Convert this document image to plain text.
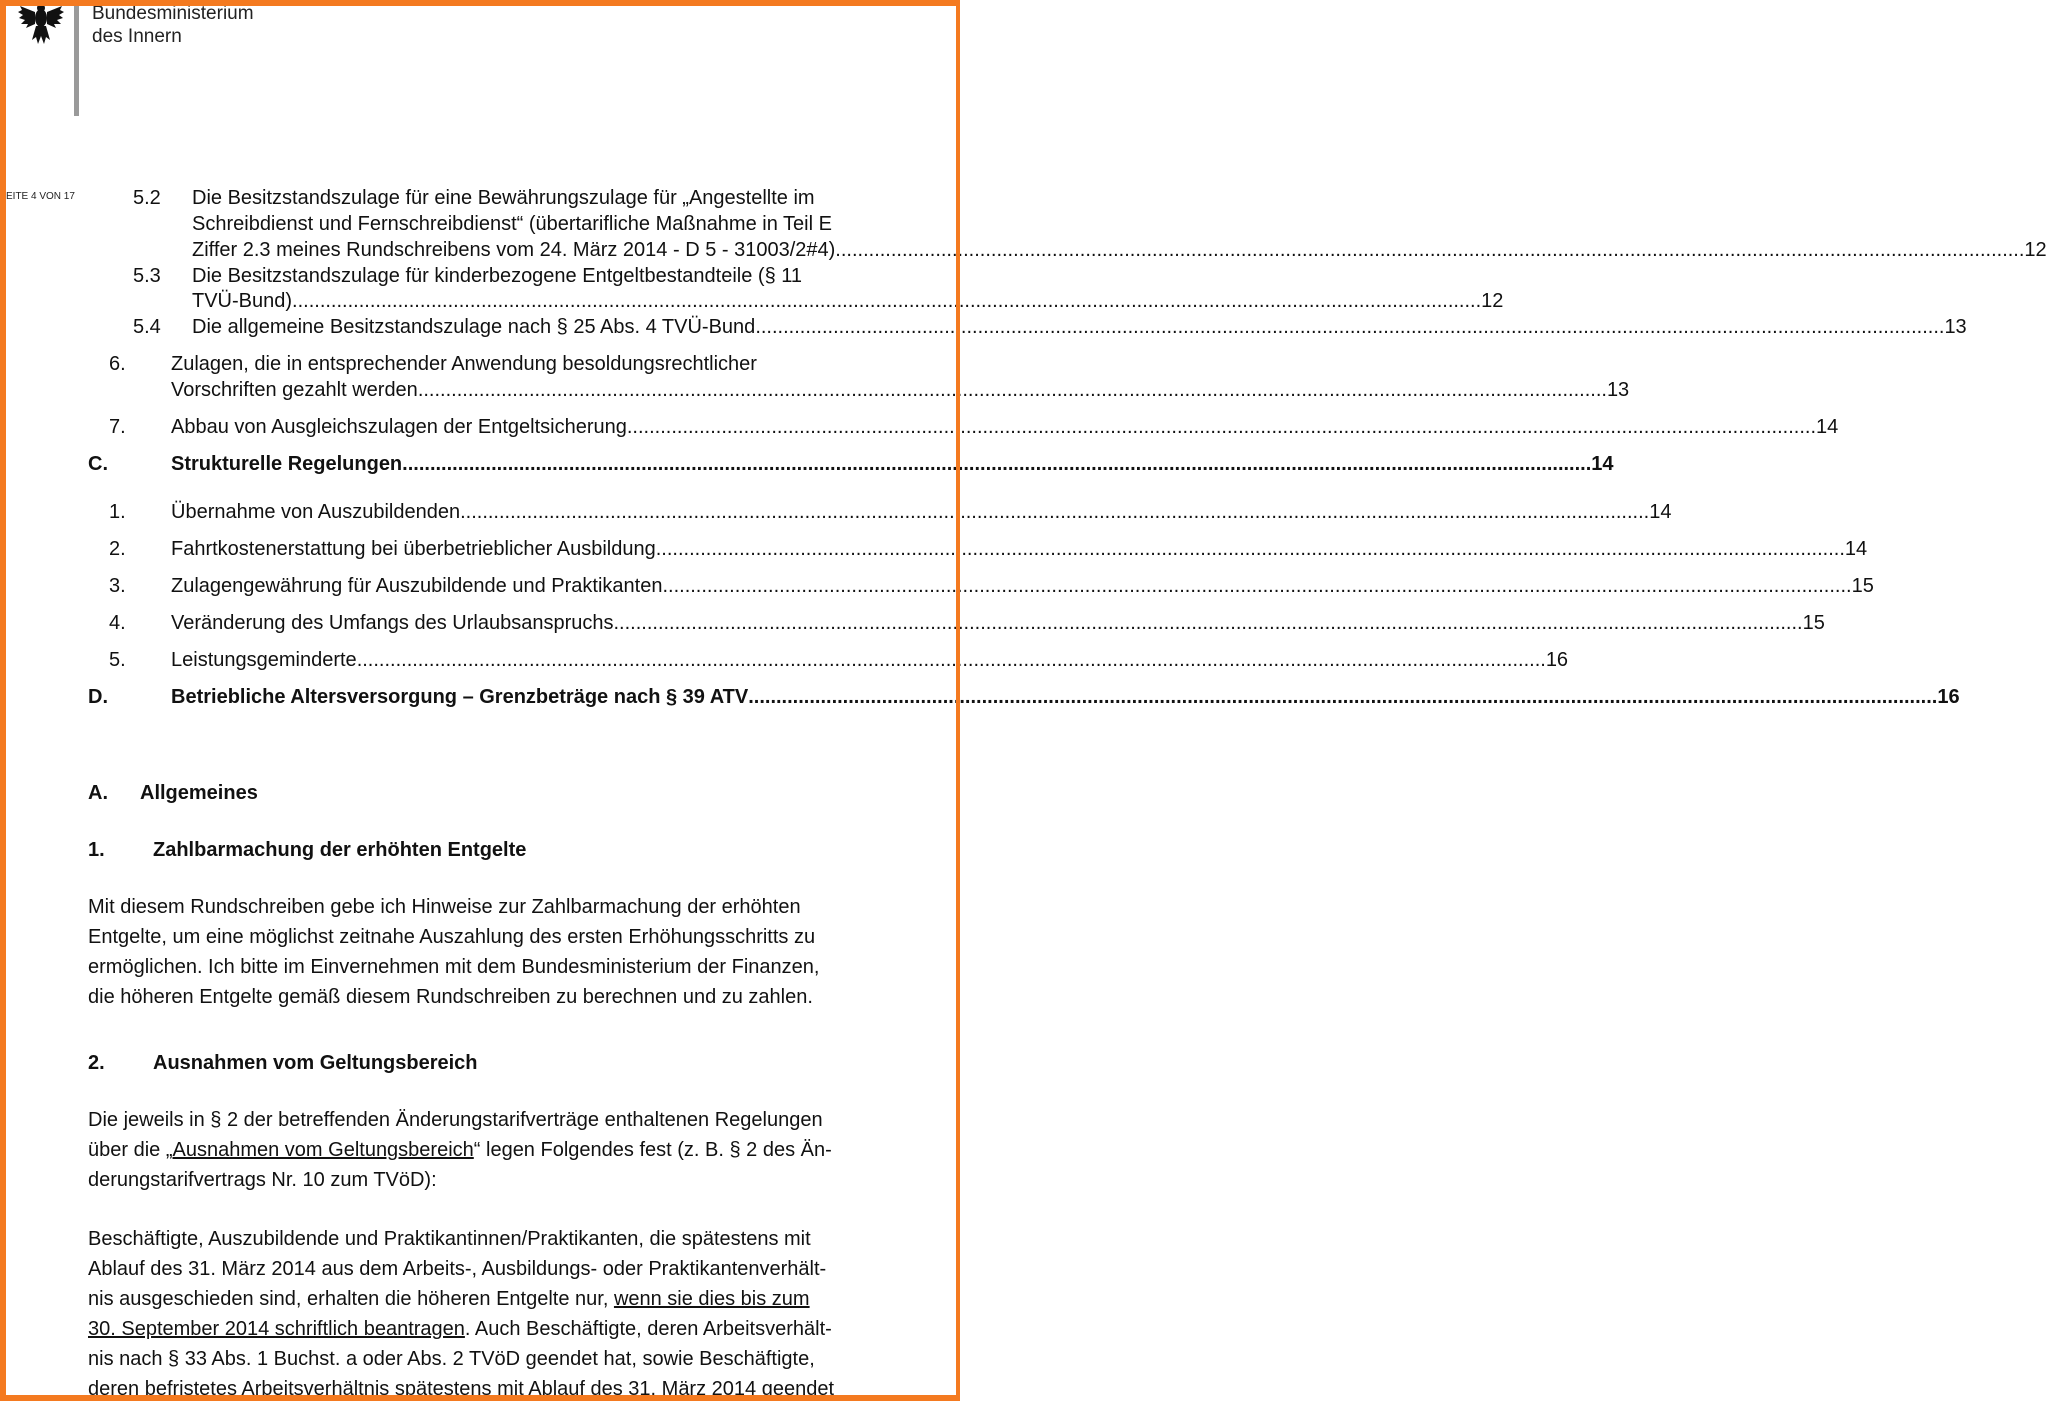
Bundesministerium
des Innern
EITE 4 VON 17	5.2 Die Besitzstandszulage für eine Bewährungszulage für „Angestellte im
Schreibdienst und Fernschreibdienst“ (übertarifliche Maßnahme in Teil E
Ziffer 2.3 meines Rundschreibens vom 24. März 2014 - D 5 - 31003/2#4) .....	12
5.3 Die Besitzstandszulage für kinderbezogene Entgeltbestandteile (§ 11
TVÜ-Bund) .....	12
5.4 Die allgemeine Besitzstandszulage nach § 25 Abs. 4 TVÜ-Bund .....	13
6. Zulagen, die in entsprechender Anwendung besoldungsrechtlicher
Vorschriften gezahlt werden .....	13
7. Abbau von Ausgleichszulagen der Entgeltsicherung .....	14
C.	Strukturelle Regelungen .....	14
1. Übernahme von Auszubildenden .....	14
2. Fahrtkostenerstattung bei überbetrieblicher Ausbildung .....	14
3. Zulagengewährung für Auszubildende und Praktikanten .....	15
4. Veränderung des Umfangs des Urlaubsanspruchs .....	15
5. Leistungsgeminderte .....	16
D.	Betriebliche Altersversorgung – Grenzbeträge nach § 39 ATV .....	16
A. Allgemeines
1. Zahlbarmachung der erhöhten Entgelte
Mit diesem Rundschreiben gebe ich Hinweise zur Zahlbarmachung der erhöhten
Entgelte, um eine möglichst zeitnahe Auszahlung des ersten Erhöhungsschritts zu
ermöglichen. Ich bitte im Einvernehmen mit dem Bundesministerium der Finanzen,
die höheren Entgelte gemäß diesem Rundschreiben zu berechnen und zu zahlen.
2. Ausnahmen vom Geltungsbereich
Die jeweils in § 2 der betreffenden Änderungstarifverträge enthaltenen Regelungen
über die „Ausnahmen vom Geltungsbereich“ legen Folgendes fest (z. B. § 2 des Än-
derungstarifvertrags Nr. 10 zum TVöD):
Beschäftigte, Auszubildende und Praktikantinnen/Praktikanten, die spätestens mit
Ablauf des 31. März 2014 aus dem Arbeits-, Ausbildungs- oder Praktikantenverhält-
nis ausgeschieden sind, erhalten die höheren Entgelte nur, wenn sie dies bis zum
30. September 2014 schriftlich beantragen. Auch Beschäftigte, deren Arbeitsverhält-
nis nach § 33 Abs. 1 Buchst. a oder Abs. 2 TVöD geendet hat, sowie Beschäftigte,
deren befristetes Arbeitsverhältnis spätestens mit Ablauf des 31. März 2014 geendet
